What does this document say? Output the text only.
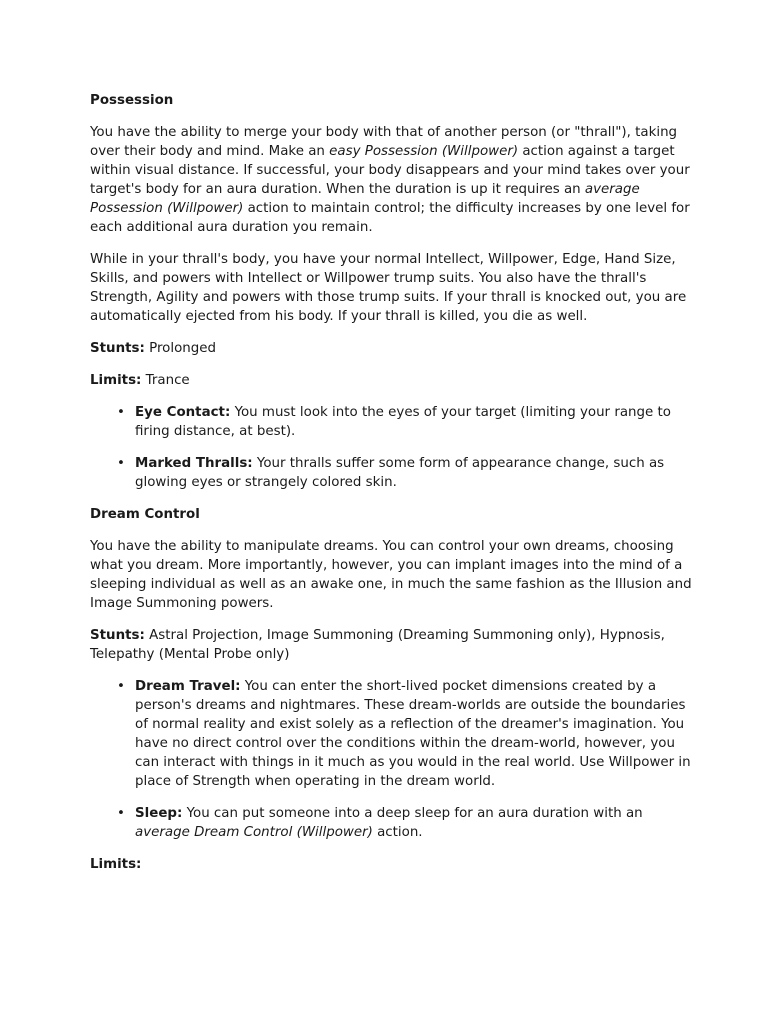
Possession

You have the ability to merge your body with that of another person (or "thrall"), taking over their body and mind. Make an easy Possession (Willpower) action against a target within visual distance. If successful, your body disappears and your mind takes over your target's body for an aura duration. When the duration is up it requires an average Possession (Willpower) action to maintain control; the difficulty increases by one level for each additional aura duration you remain.

While in your thrall's body, you have your normal Intellect, Willpower, Edge, Hand Size, Skills, and powers with Intellect or Willpower trump suits. You also have the thrall's Strength, Agility and powers with those trump suits. If your thrall is knocked out, you are automatically ejected from his body. If your thrall is killed, you die as well.

Stunts: Prolonged

Limits: Trance

• Eye Contact: You must look into the eyes of your target (limiting your range to firing distance, at best).
• Marked Thralls: Your thralls suffer some form of appearance change, such as glowing eyes or strangely colored skin.
Dream Control

You have the ability to manipulate dreams. You can control your own dreams, choosing what you dream. More importantly, however, you can implant images into the mind of a sleeping individual as well as an awake one, in much the same fashion as the Illusion and Image Summoning powers.

Stunts: Astral Projection, Image Summoning (Dreaming Summoning only), Hypnosis, Telepathy (Mental Probe only)

• Dream Travel: You can enter the short-lived pocket dimensions created by a person's dreams and nightmares. These dream-worlds are outside the boundaries of normal reality and exist solely as a reflection of the dreamer's imagination. You have no direct control over the conditions within the dream-world, however, you can interact with things in it much as you would in the real world. Use Willpower in place of Strength when operating in the dream world.
• Sleep: You can put someone into a deep sleep for an aura duration with an average Dream Control (Willpower) action.

Limits:
